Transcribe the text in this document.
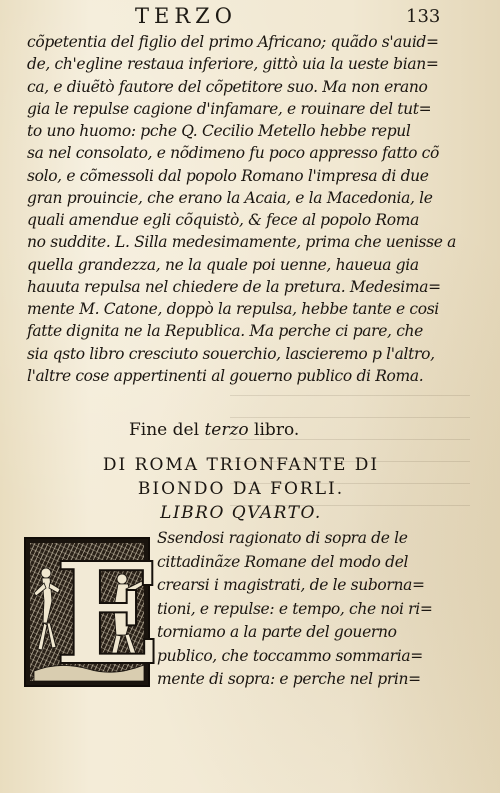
TERZO	133
cõpetentia del figlio del primo Africano; quãdo s'auid=
de, ch'egline restaua inferiore, gittò uia la ueste bian=
ca, e diuẽtò fautore del cõpetitore suo. Ma non erano
gia le repulse cagione d'infamare, e rouinare del tut=
to uno huomo: pche Q. Cecilio Metello hebbe repul
sa nel consolato, e nõdimeno fu poco appresso fatto cõ
solo, e cõmessoli dal popolo Romano l'impresa di due
gran prouincie, che erano la Acaia, e la Macedonia, le
quali amendue egli cõquistò, & fece al popolo Roma
no suddite. L. Silla medesimamente, prima che uenisse a
quella grandezza, ne la quale poi uenne, haueua gia
hauuta repulsa nel chiedere de la pretura. Medesima=
mente M. Catone, doppò la repulsa, hebbe tante e cosi
fatte dignita ne la Republica. Ma perche ci pare, che
sia qsto libro cresciuto souerchio, lascieremo p l'altro,
l'altre cose appertinenti al gouerno publico di Roma.
Fine del terzo libro.
DI ROMA TRIONFANTE DI
BIONDO DA FORLI.
LIBRO QVARTO.
E
Ssendosi ragionato di sopra de le
cittadinãze Romane del modo del
crearsi i magistrati, de le suborna=
tioni, e repulse: e tempo, che noi ri=
torniamo a la parte del gouerno
publico, che toccammo sommaria=
mente di sopra: e perche nel prin=
